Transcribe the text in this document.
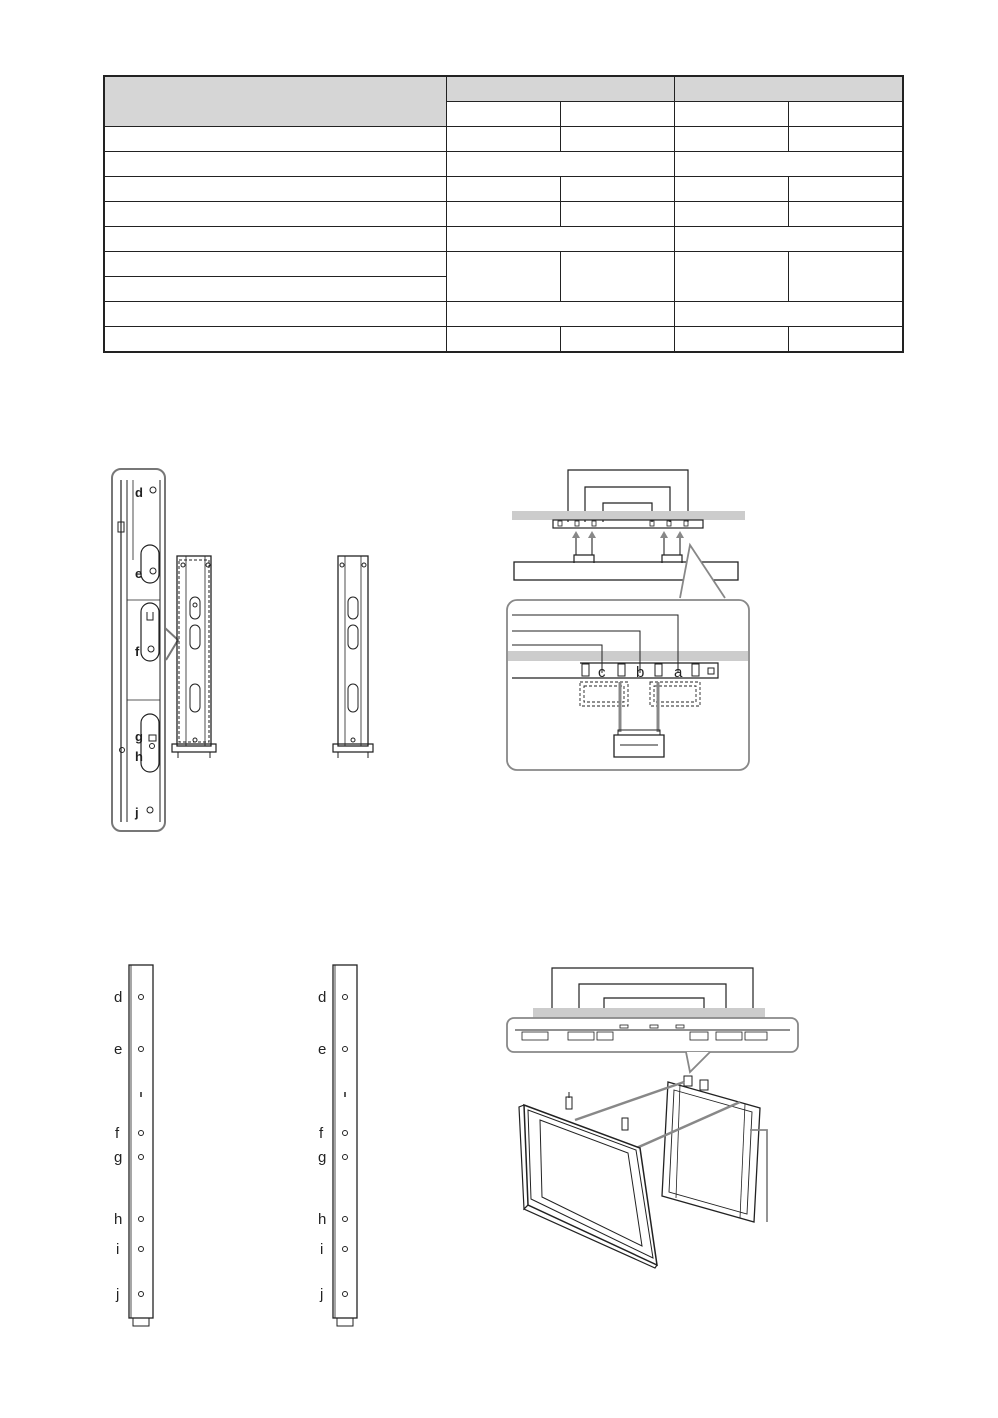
d
e
f
g
h
j
c b a
d
e
f
g
h
i
j
d
e
f
g
h
i
j
